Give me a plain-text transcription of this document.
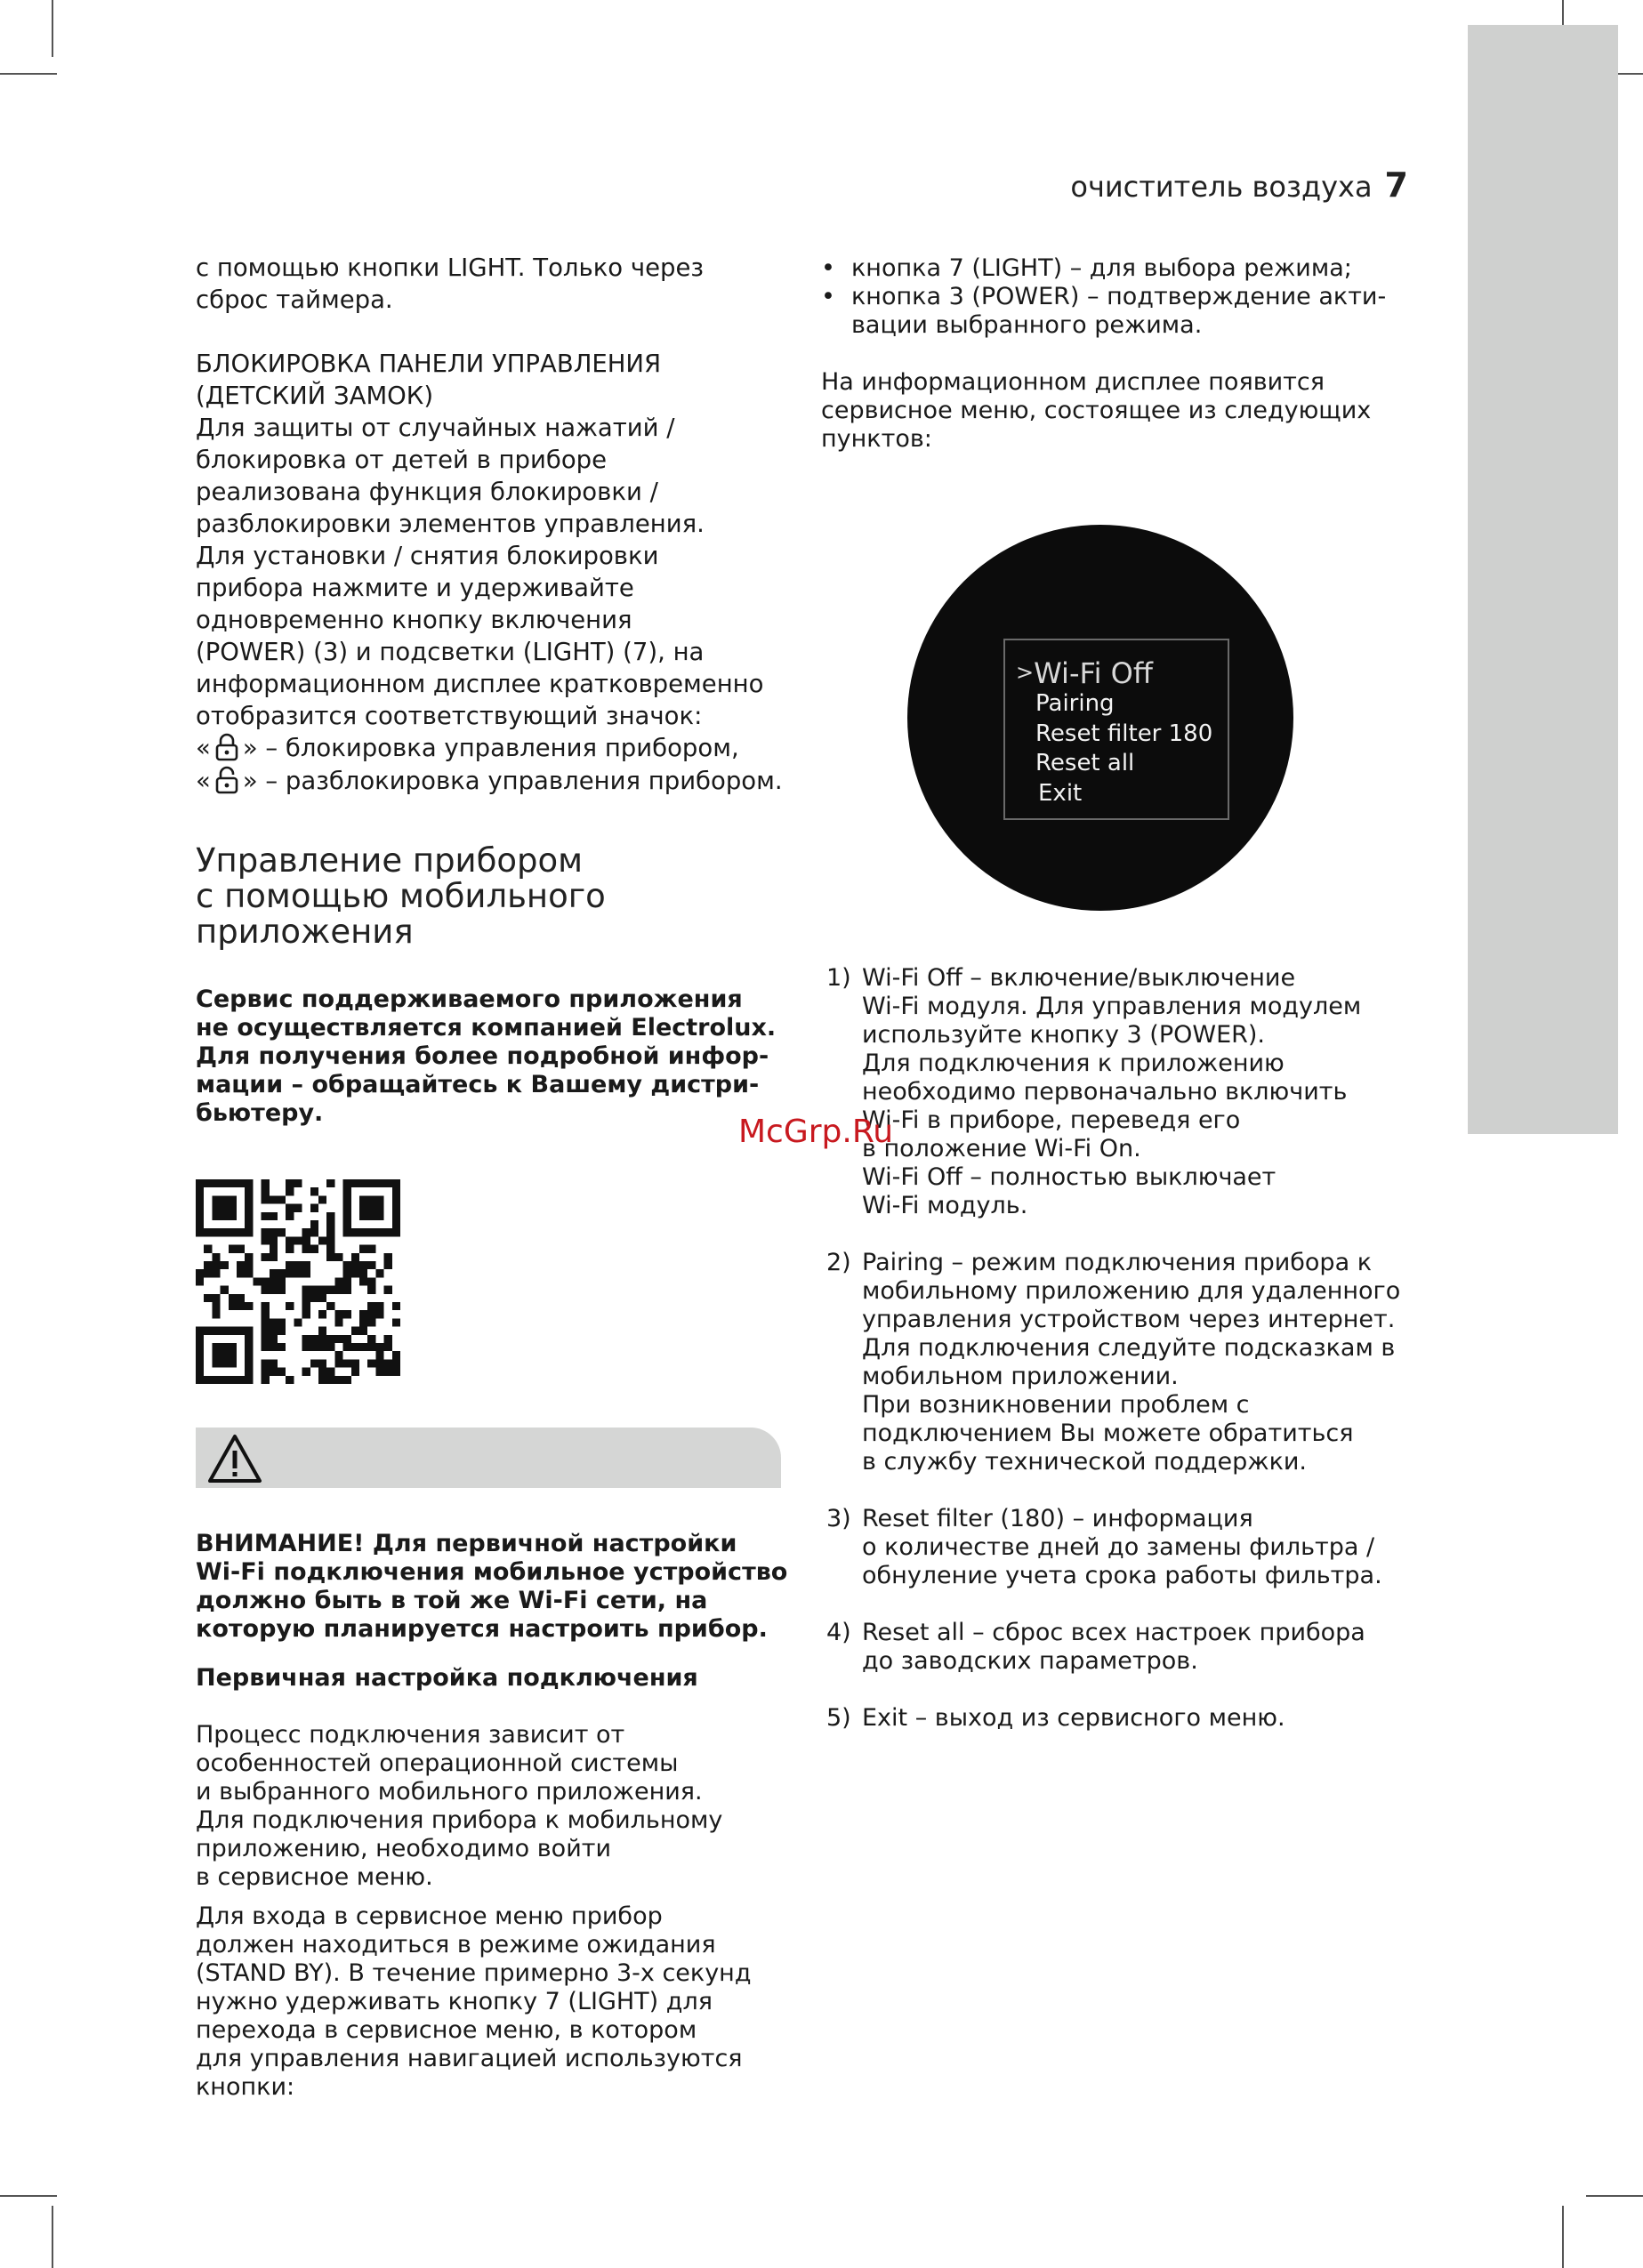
очиститель воздуха 7

с помощью кнопки LIGHT. Только через
сброс таймера.

БЛОКИРОВКА ПАНЕЛИ УПРАВЛЕНИЯ
(ДЕТСКИЙ ЗАМОК)

Для защиты от случайных нажатий /
блокировка от детей в приборе
реализована функция блокировки /
разблокировки элементов управления.
Для установки / снятия блокировки
прибора нажмите и удерживайте
одновременно кнопку включения
(POWER) (3) и подсветки (LIGHT) (7), на
информационном дисплее кратковременно
отобразится соответствующий значок:

« » – блокировка управления прибором,
« » – разблокировка управления прибором.

Управление прибором
с помощью мобильного
приложения

Сервис поддерживаемого приложения
не осуществляется компанией Electrolux.
Для получения более подробной инфор-
мации – обращайтесь к Вашему дистри-
бьютеру.

ВНИМАНИЕ! Для первичной настройки
Wi-Fi подключения мобильное устройство
должно быть в той же Wi-Fi сети, на
которую планируется настроить прибор.

Первичная настройка подключения

Процесс подключения зависит от
особенностей операционной системы
и выбранного мобильного приложения.
Для подключения прибора к мобильному
приложению, необходимо войти
в сервисное меню.

Для входа в сервисное меню прибор
должен находиться в режиме ожидания
(STAND BY). В течение примерно 3-х секунд
нужно удерживать кнопку 7 (LIGHT) для
перехода в сервисное меню, в котором
для управления навигацией используются
кнопки:

• кнопка 7 (LIGHT) – для выбора режима;
• кнопка 3 (POWER) – подтверждение акти-
вации выбранного режима.

На информационном дисплее появится
сервисное меню, состоящее из следующих
пунктов:

>Wi-Fi Off
Pairing
Reset filter 180
Reset all
Exit
1) Wi-Fi Off – включение/выключение
Wi-Fi модуля. Для управления модулем
используйте кнопку 3 (POWER).
Для подключения к приложению
необходимо первоначально включить
Wi-Fi в приборе, переведя его
в положение Wi-Fi On.
Wi-Fi Off – полностью выключает
Wi-Fi модуль.
2) Pairing – режим подключения прибора к
мобильному приложению для удаленного
управления устройством через интернет.
Для подключения следуйте подсказкам в
мобильном приложении.
При возникновении проблем с
подключением Вы можете обратиться
в службу технической поддержки.
3) Reset filter (180) – информация
о количестве дней до замены фильтра /
обнуление учета срока работы фильтра.
4) Reset all – сброс всех настроек прибора
до заводских параметров.
5) Exit – выход из сервисного меню.
McGrp.Ru
